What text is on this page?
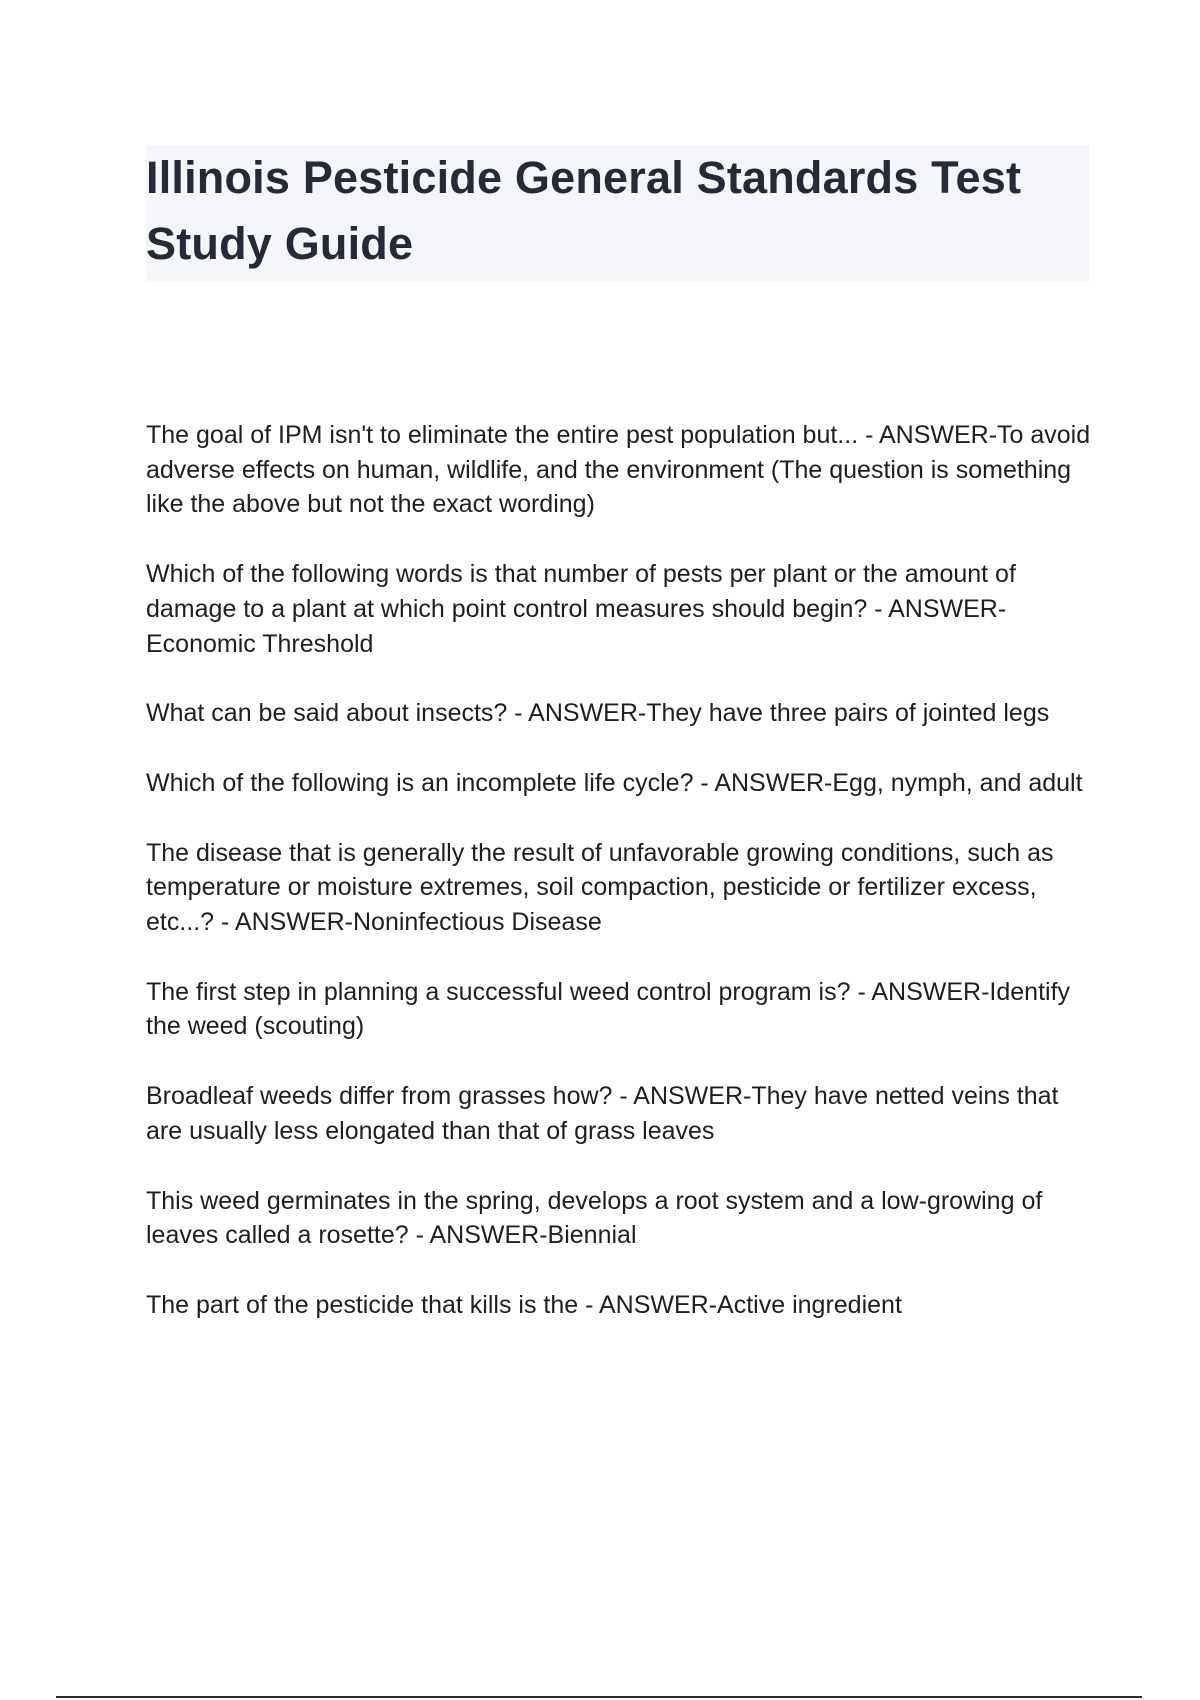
Illinois Pesticide General Standards Test Study Guide
The goal of IPM isn't to eliminate the entire pest population but... - ANSWER-To avoid adverse effects on human, wildlife, and the environment (The question is something like the above but not the exact wording)
Which of the following words is that number of pests per plant or the amount of damage to a plant at which point control measures should begin? - ANSWER-Economic Threshold
What can be said about insects? - ANSWER-They have three pairs of jointed legs
Which of the following is an incomplete life cycle? - ANSWER-Egg, nymph, and adult
The disease that is generally the result of unfavorable growing conditions, such as temperature or moisture extremes, soil compaction, pesticide or fertilizer excess, etc...? - ANSWER-Noninfectious Disease
The first step in planning a successful weed control program is? - ANSWER-Identify the weed (scouting)
Broadleaf weeds differ from grasses how? - ANSWER-They have netted veins that are usually less elongated than that of grass leaves
This weed germinates in the spring, develops a root system and a low-growing of leaves called a rosette? - ANSWER-Biennial
The part of the pesticide that kills is the - ANSWER-Active ingredient
